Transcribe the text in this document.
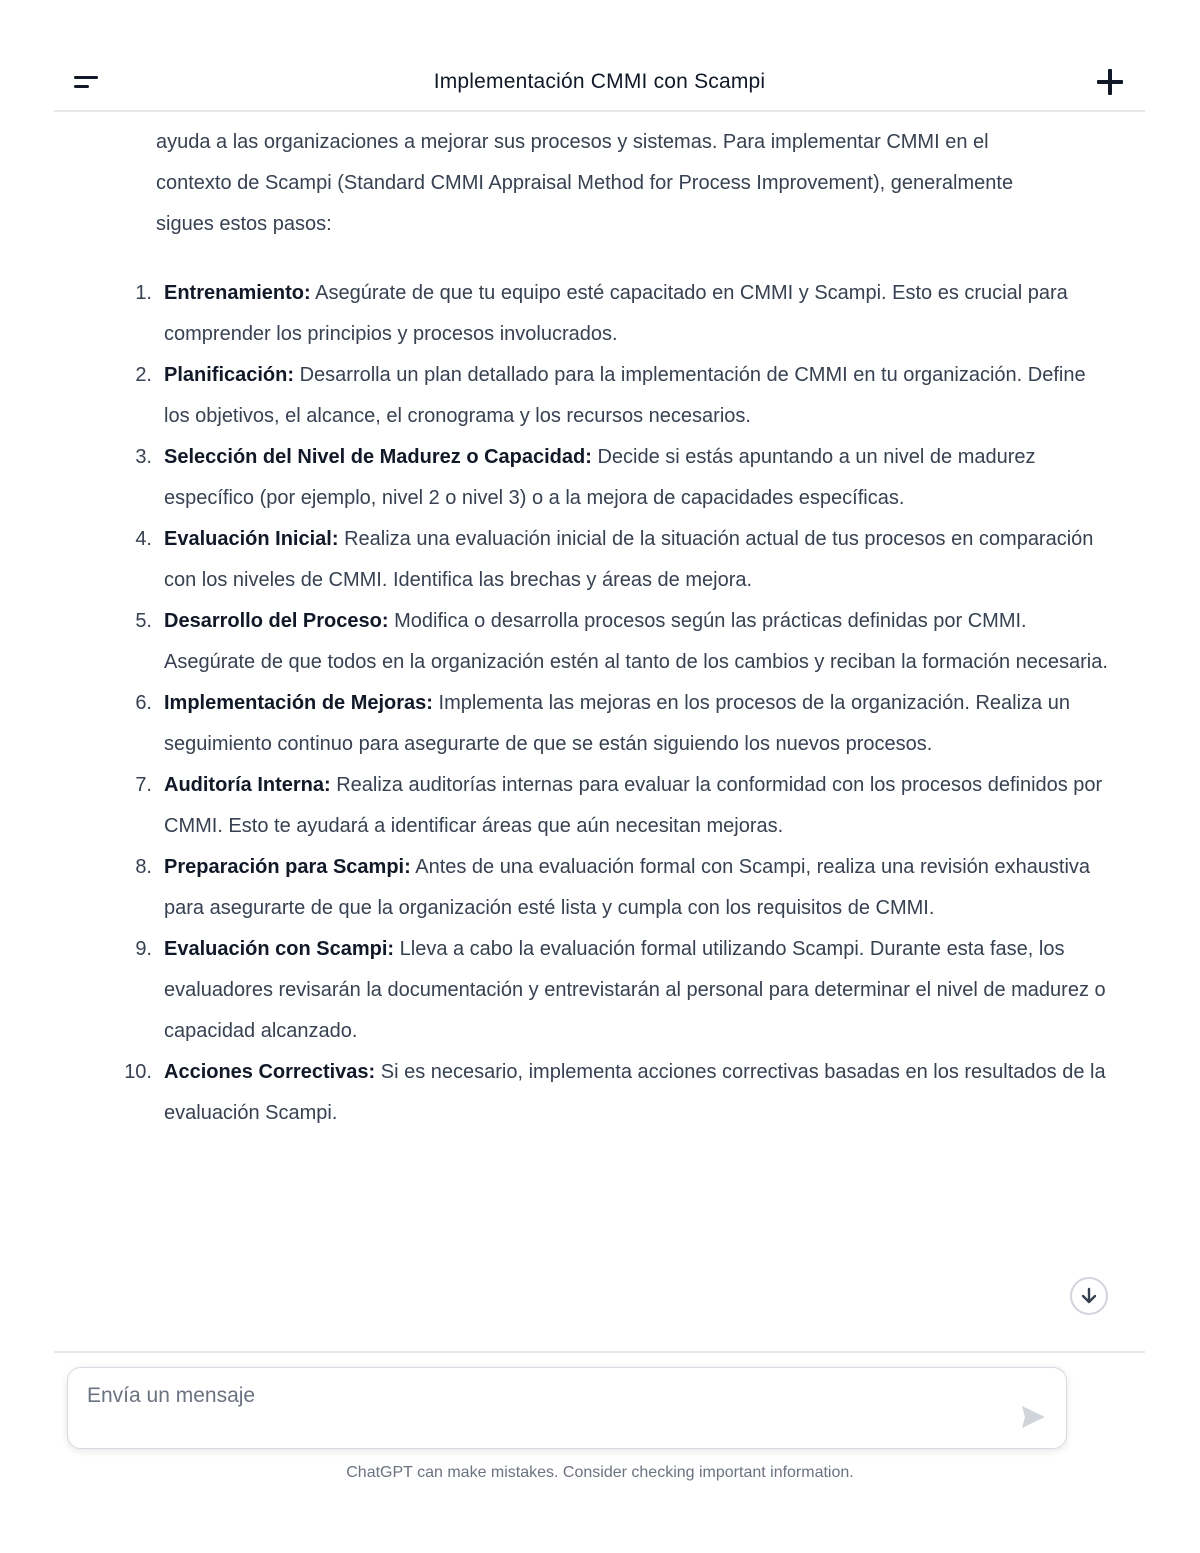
Implementación CMMI con Scampi

ayuda a las organizaciones a mejorar sus procesos y sistemas. Para implementar CMMI en el contexto de Scampi (Standard CMMI Appraisal Method for Process Improvement), generalmente sigues estos pasos:

1. Entrenamiento: Asegúrate de que tu equipo esté capacitado en CMMI y Scampi. Esto es crucial para comprender los principios y procesos involucrados.
2. Planificación: Desarrolla un plan detallado para la implementación de CMMI en tu organización. Define los objetivos, el alcance, el cronograma y los recursos necesarios.
3. Selección del Nivel de Madurez o Capacidad: Decide si estás apuntando a un nivel de madurez específico (por ejemplo, nivel 2 o nivel 3) o a la mejora de capacidades específicas.
4. Evaluación Inicial: Realiza una evaluación inicial de la situación actual de tus procesos en comparación con los niveles de CMMI. Identifica las brechas y áreas de mejora.
5. Desarrollo del Proceso: Modifica o desarrolla procesos según las prácticas definidas por CMMI. Asegúrate de que todos en la organización estén al tanto de los cambios y reciban la formación necesaria.
6. Implementación de Mejoras: Implementa las mejoras en los procesos de la organización. Realiza un seguimiento continuo para asegurarte de que se están siguiendo los nuevos procesos.
7. Auditoría Interna: Realiza auditorías internas para evaluar la conformidad con los procesos definidos por CMMI. Esto te ayudará a identificar áreas que aún necesitan mejoras.
8. Preparación para Scampi: Antes de una evaluación formal con Scampi, realiza una revisión exhaustiva para asegurarte de que la organización esté lista y cumpla con los requisitos de CMMI.
9. Evaluación con Scampi: Lleva a cabo la evaluación formal utilizando Scampi. Durante esta fase, los evaluadores revisarán la documentación y entrevistarán al personal para determinar el nivel de madurez o capacidad alcanzado.
10. Acciones Correctivas: Si es necesario, implementa acciones correctivas basadas en los resultados de la evaluación Scampi.
Envía un mensaje
ChatGPT can make mistakes. Consider checking important information.
